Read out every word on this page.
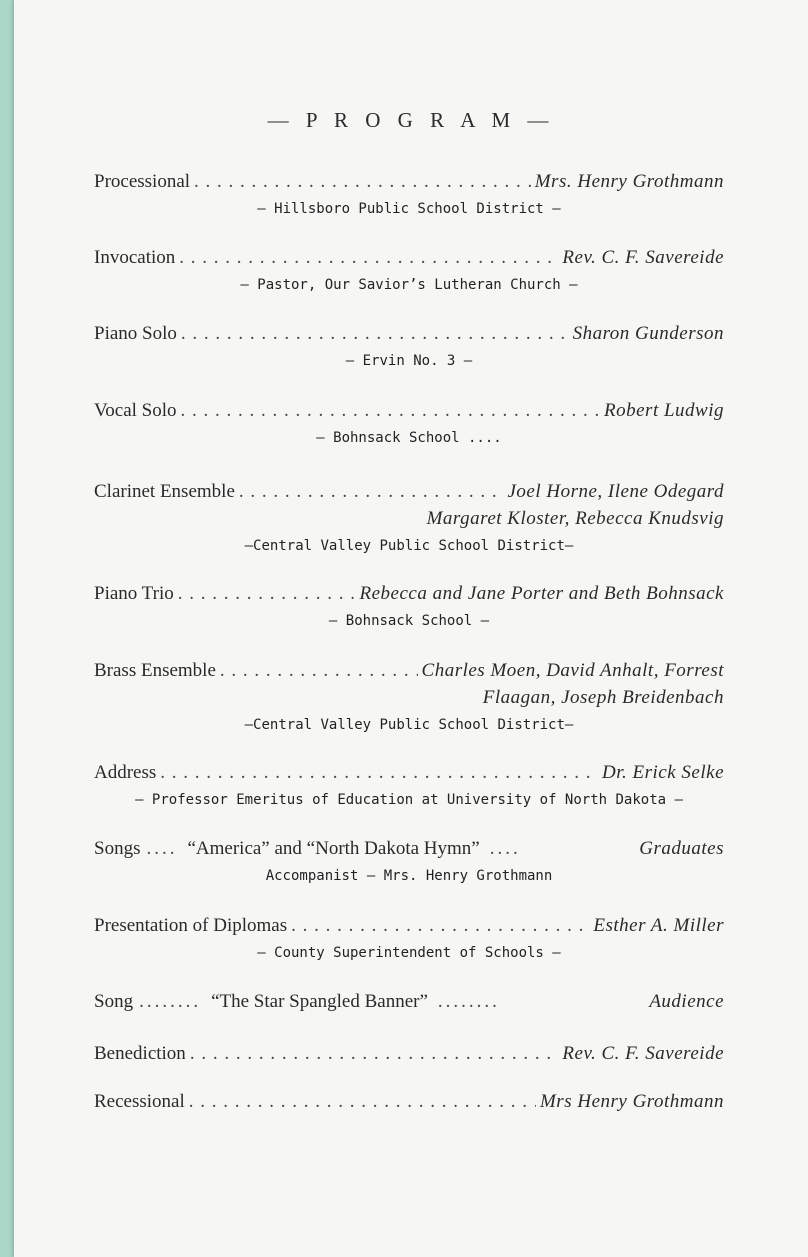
— P R O G R A M —
Processional . . .	Mrs. Henry Grothmann
— Hillsboro Public School District —
Invocation . . .	Rev. C. F. Savereide
— Pastor, Our Savior’s Lutheran Church —
Piano Solo . . .	Sharon Gunderson
— Ervin No. 3 —
Vocal Solo . . .	Robert Ludwig
— Bohnsack School ....
Clarinet Ensemble . . .	Joel Horne, Ilene Odegard
Margaret Kloster, Rebecca Knudsvig
—Central Valley Public School District—
Piano Trio . . .	Rebecca and Jane Porter and Beth Bohnsack
— Bohnsack School —
Brass Ensemble . . .	Charles Moen, David Anhalt, Forrest
Flaagan, Joseph Breidenbach
—Central Valley Public School District—
Address . . .	Dr. Erick Selke
— Professor Emeritus of Education at University of North Dakota —
Songs .... “America” and “North Dakota Hymn” ....	Graduates
Accompanist — Mrs. Henry Grothmann
Presentation of Diplomas . . .	Esther A. Miller
— County Superintendent of Schools —
Song ........ “The Star Spangled Banner” ........	Audience
Benediction . . .	Rev. C. F. Savereide
Recessional . . .	Mrs Henry Grothmann
